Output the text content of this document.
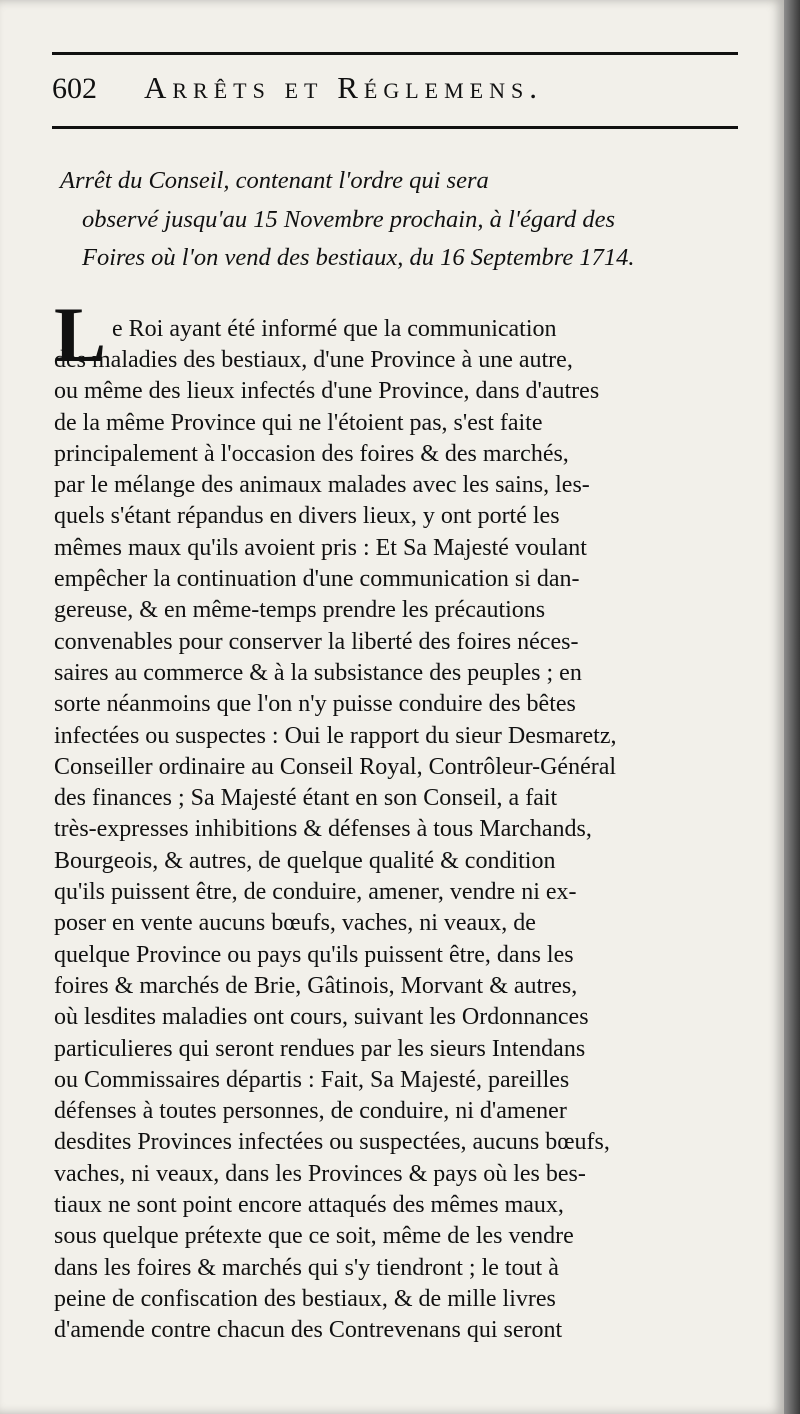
602 Arrêts et Réglemens.
Arrêt du Conseil, contenant l'ordre qui sera
observé jusqu'au 15 Novembre prochain, à l'égard des
Foires où l'on vend des bestiaux, du 16 Septembre 1714.
L e Roi ayant été informé que la communication
des maladies des bestiaux, d'une Province à une autre,
ou même des lieux infectés d'une Province, dans d'autres
de la même Province qui ne l'étoient pas, s'est faite
principalement à l'occasion des foires & des marchés,
par le mélange des animaux malades avec les sains, les-
quels s'étant répandus en divers lieux, y ont porté les
mêmes maux qu'ils avoient pris : Et Sa Majesté voulant
empêcher la continuation d'une communication si dan-
gereuse, & en même-temps prendre les précautions
convenables pour conserver la liberté des foires néces-
saires au commerce & à la subsistance des peuples ; en
sorte néanmoins que l'on n'y puisse conduire des bêtes
infectées ou suspectes : Oui le rapport du sieur Desmaretz,
Conseiller ordinaire au Conseil Royal, Contrôleur-Général
des finances ; Sa Majesté étant en son Conseil, a fait
très-expresses inhibitions & défenses à tous Marchands,
Bourgeois, & autres, de quelque qualité & condition
qu'ils puissent être, de conduire, amener, vendre ni ex-
poser en vente aucuns bœufs, vaches, ni veaux, de
quelque Province ou pays qu'ils puissent être, dans les
foires & marchés de Brie, Gâtinois, Morvant & autres,
où lesdites maladies ont cours, suivant les Ordonnances
particulieres qui seront rendues par les sieurs Intendans
ou Commissaires départis : Fait, Sa Majesté, pareilles
défenses à toutes personnes, de conduire, ni d'amener
desdites Provinces infectées ou suspectées, aucuns bœufs,
vaches, ni veaux, dans les Provinces & pays où les bes-
tiaux ne sont point encore attaqués des mêmes maux,
sous quelque prétexte que ce soit, même de les vendre
dans les foires & marchés qui s'y tiendront ; le tout à
peine de confiscation des bestiaux, & de mille livres
d'amende contre chacun des Contrevenans qui seront
